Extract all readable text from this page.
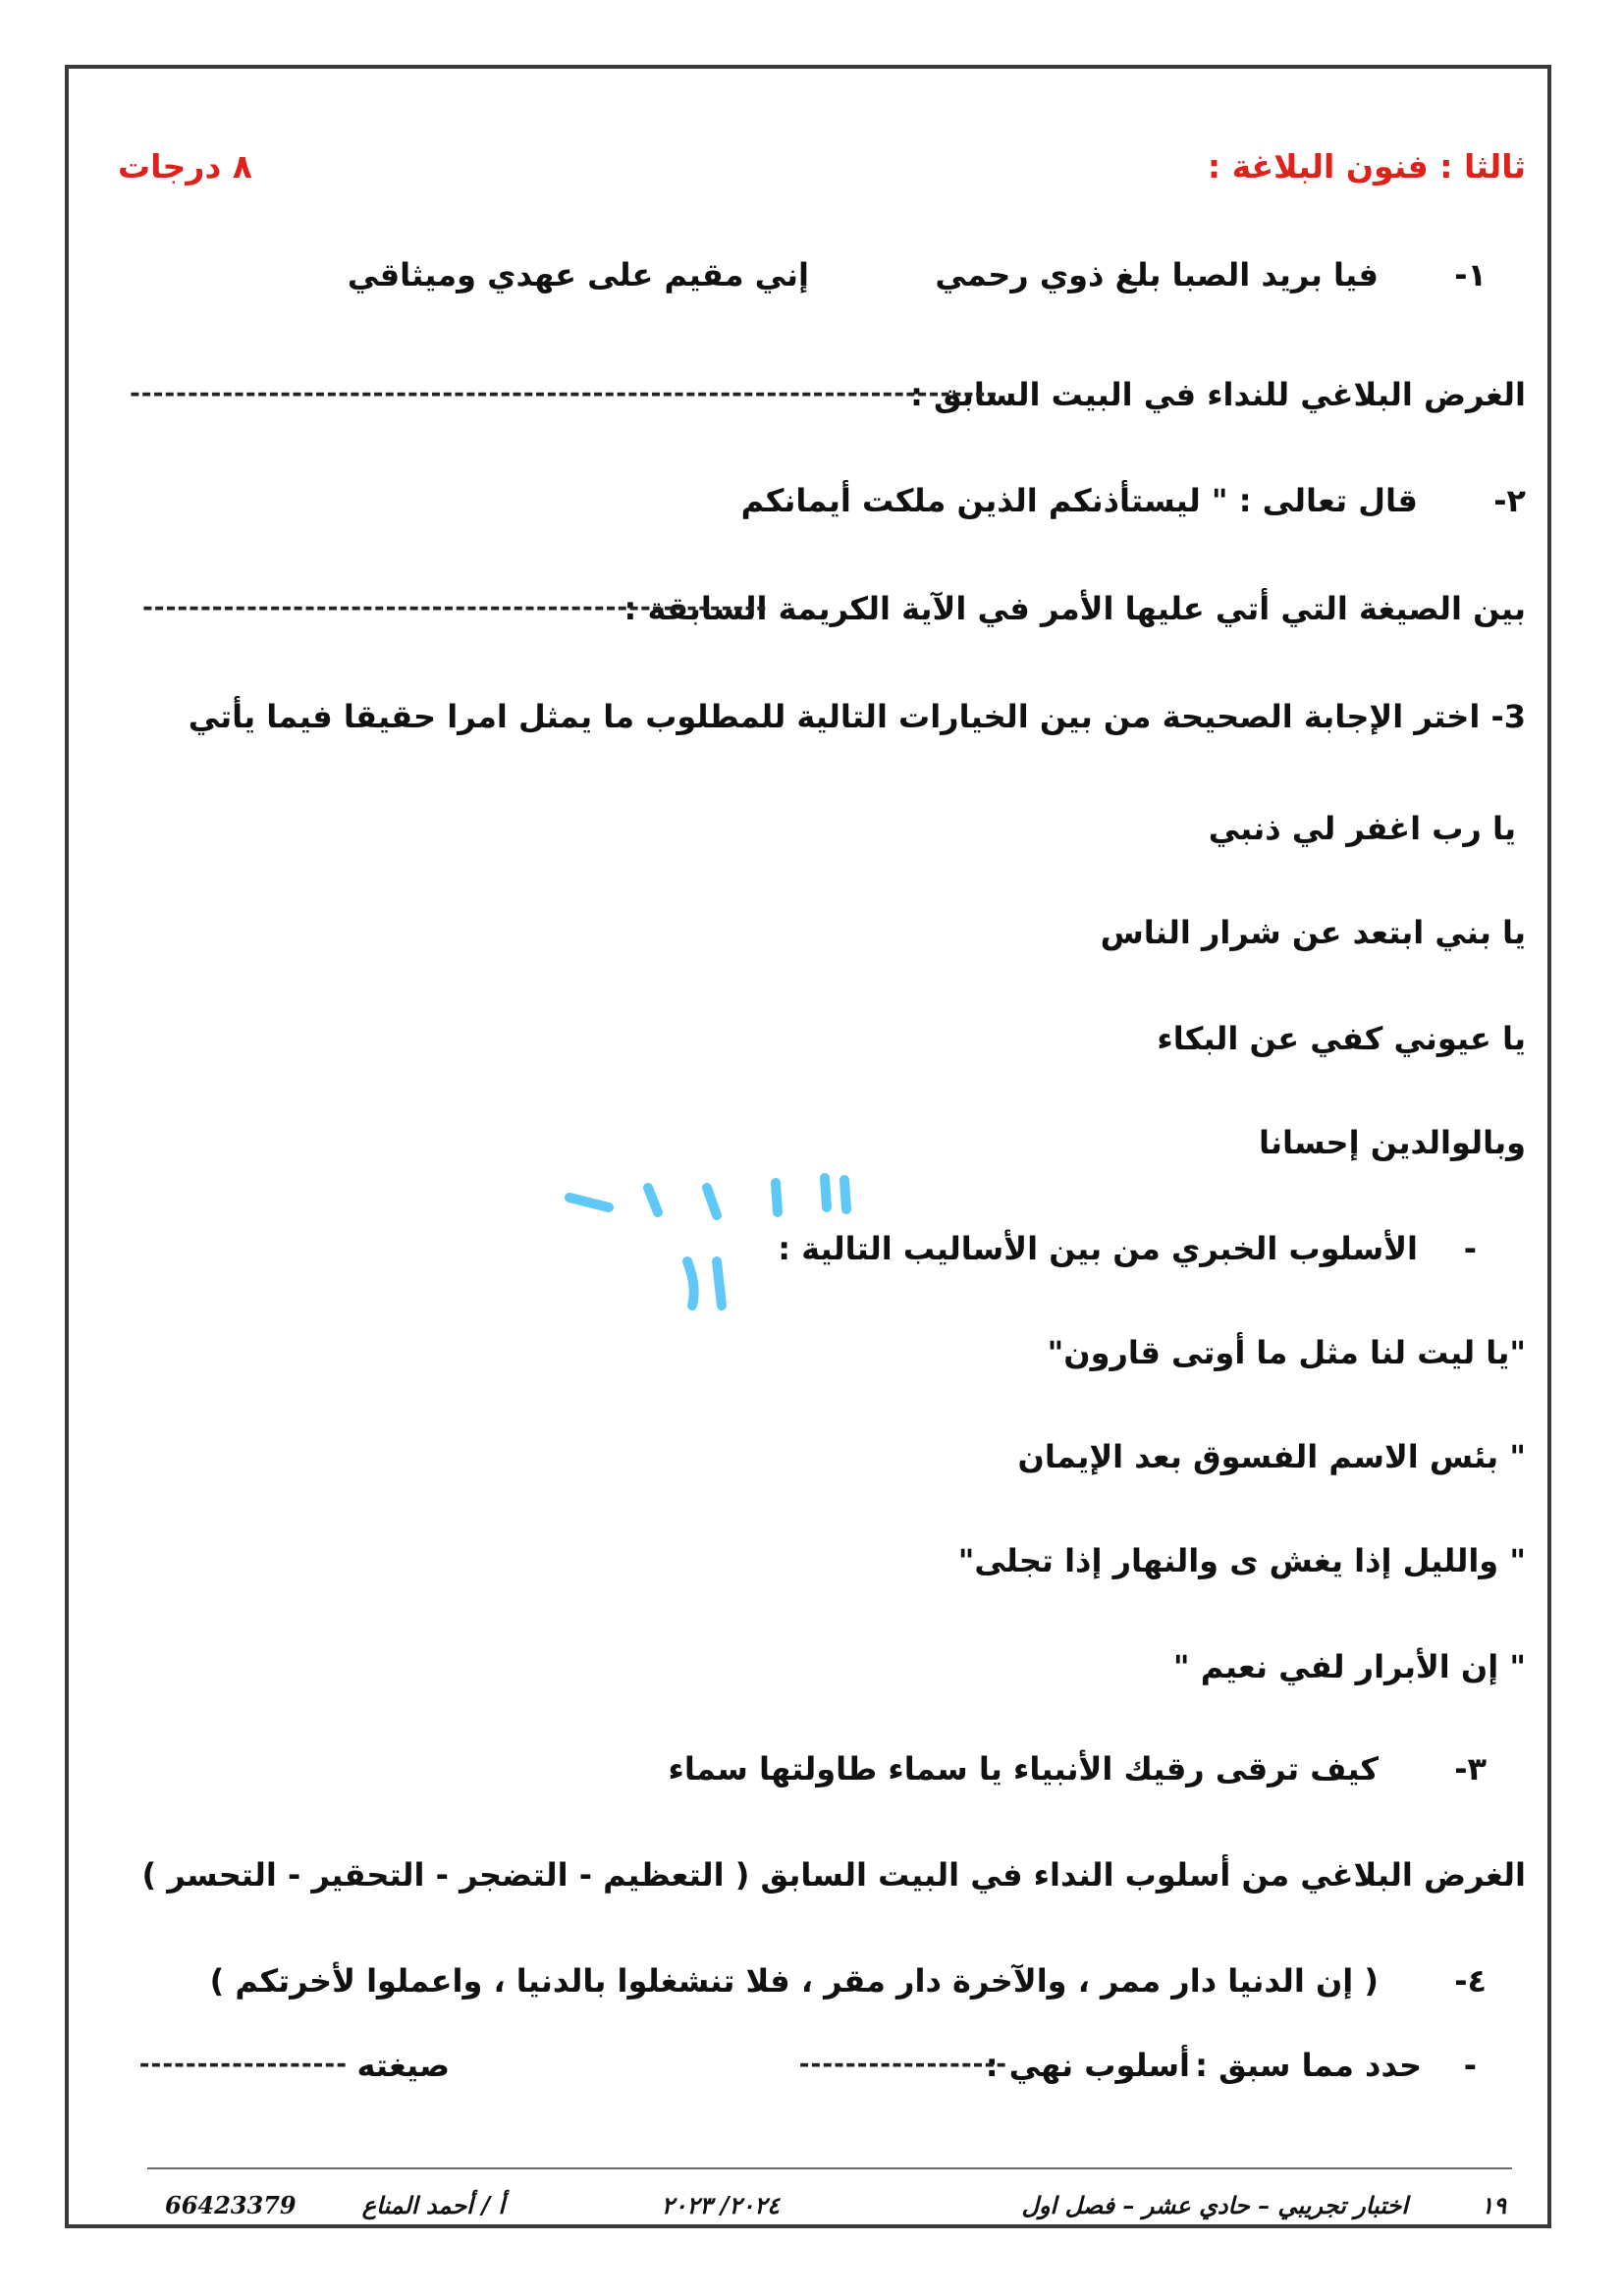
ثالثا : فنون البلاغة :
٨ درجات
١-
فيا بريد الصبا بلغ ذوي رحمي
إني مقيم على عهدي وميثاقي
الغرض البلاغي للنداء في البيت السابق :
---------------------------------------------------------------------------
٢-
قال تعالى : " ليستأذنكم الذين ملكت أيمانكم
بين الصيغة التي أتي عليها الأمر في الآية الكريمة السابقة :
------------------------------------------------------
3- اختر الإجابة الصحيحة من بين الخيارات التالية للمطلوب ما يمثل امرا حقيقا فيما يأتي
يا رب اغفر لي ذنبي
يا بني ابتعد عن شرار الناس
يا عيوني كفي عن البكاء
وبالوالدين إحسانا
-
الأسلوب الخبري من بين الأساليب التالية :
"يا ليت لنا مثل ما أوتى قارون"
" بئس الاسم الفسوق بعد الإيمان
" والليل إذا يغش ى والنهار إذا تجلى"
" إن الأبرار لفي نعيم "
٣-
كيف ترقى رقيك الأنبياء يا سماء طاولتها سماء
الغرض البلاغي من أسلوب النداء في البيت السابق ( التعظيم - التضجر - التحقير - التحسر )
٤-
( إن الدنيا دار ممر ، والآخرة دار مقر ، فلا تنشغلوا بالدنيا ، واعملوا لأخرتكم )
-
حدد مما سبق :
أسلوب نهي :
------------------
صيغته
------------------
١٩
اختبار تجريبي – حادي عشر – فصل اول
٢٠٢٤/ ٢٠٢٣
أ / أحمد المناع
66423379
